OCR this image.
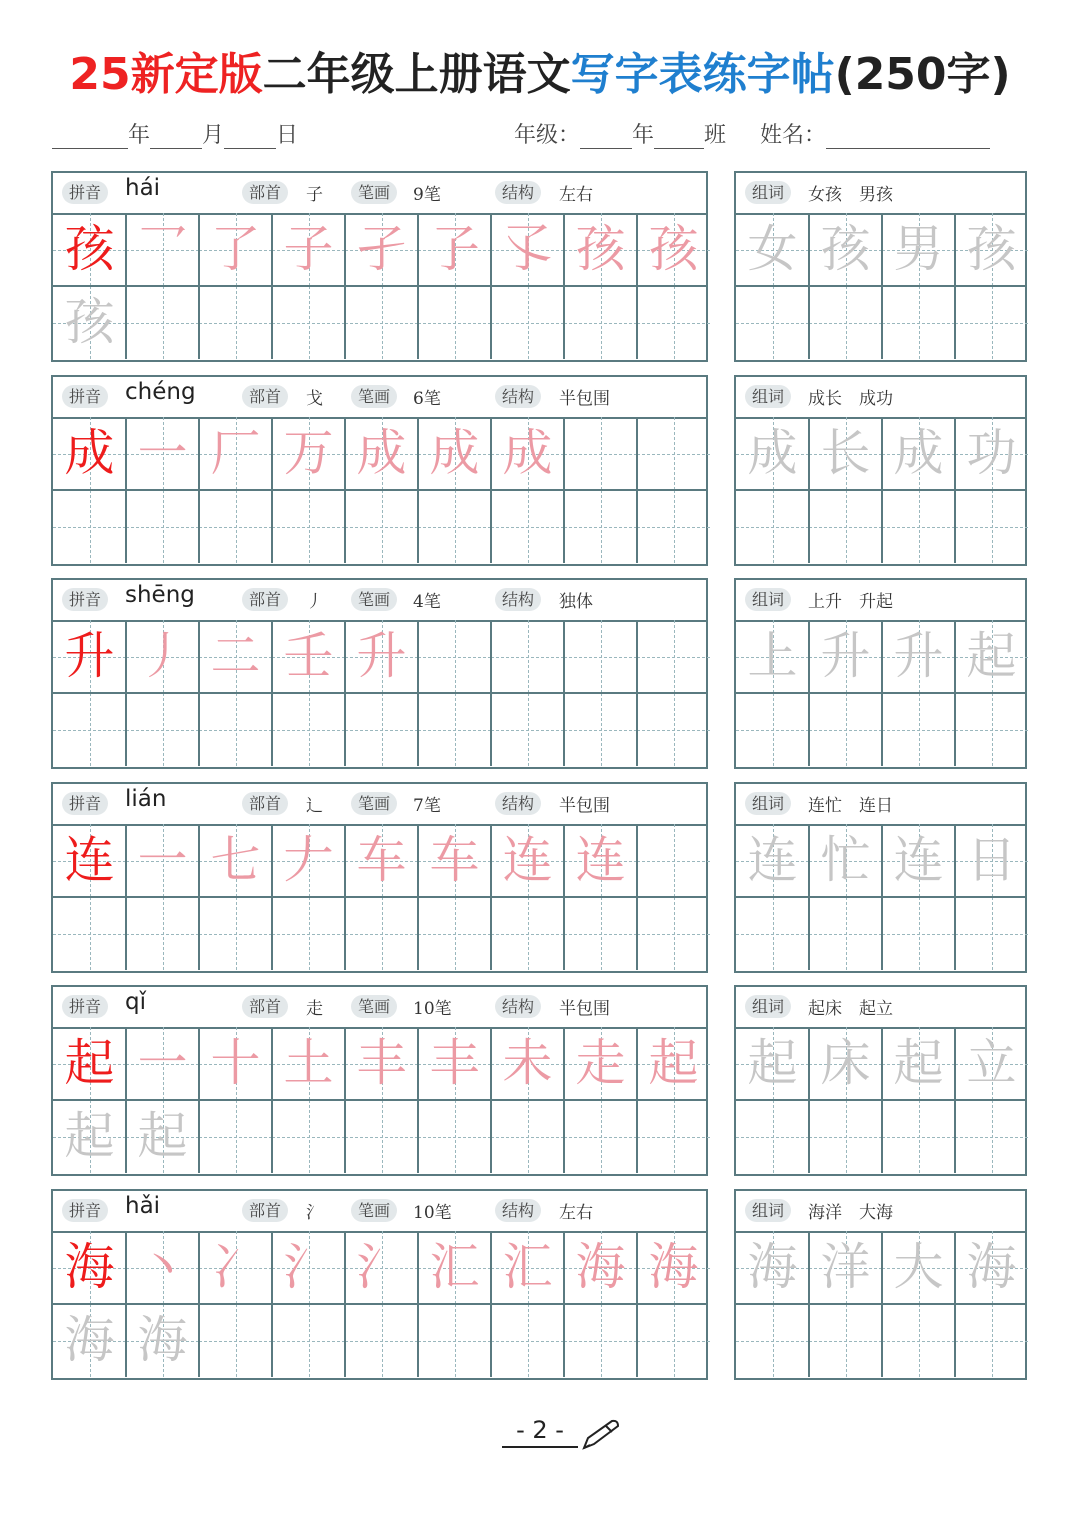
25新定版二年级上册语文写字表练字帖(250字)
年 月 日	年级： 年 班 姓名：
拼音	hái	部首	子	笔画	9笔	结构	左右
孩 乛 了 子 孑 孒 孓 孩 孩
孩
组词	女孩　男孩
女 孩 男 孩
拼音	chéng	部首	戈	笔画	6笔	结构	半包围
成 一 厂 万 成 成 成
组词	成长　成功
成 长 成 功
拼音	shēng	部首	丿	笔画	4笔	结构	独体
升 丿 二 壬 升
组词	上升　升起
上 升 升 起
拼音	lián	部首	辶	笔画	7笔	结构	半包围
连 一 七 𠂇 车 车 连 连
组词	连忙　连日
连 忙 连 日
拼音	qǐ	部首	走	笔画	10笔	结构	半包围
起 一 十 土 丰 丰 未 走 起
起 起
组词	起床　起立
起 床 起 立
拼音	hǎi	部首	氵	笔画	10笔	结构	左右
海 丶 冫 氵 氵 汇 汇 海 海
海 海
组词	海洋　大海
海 洋 大 海
- 2 -
